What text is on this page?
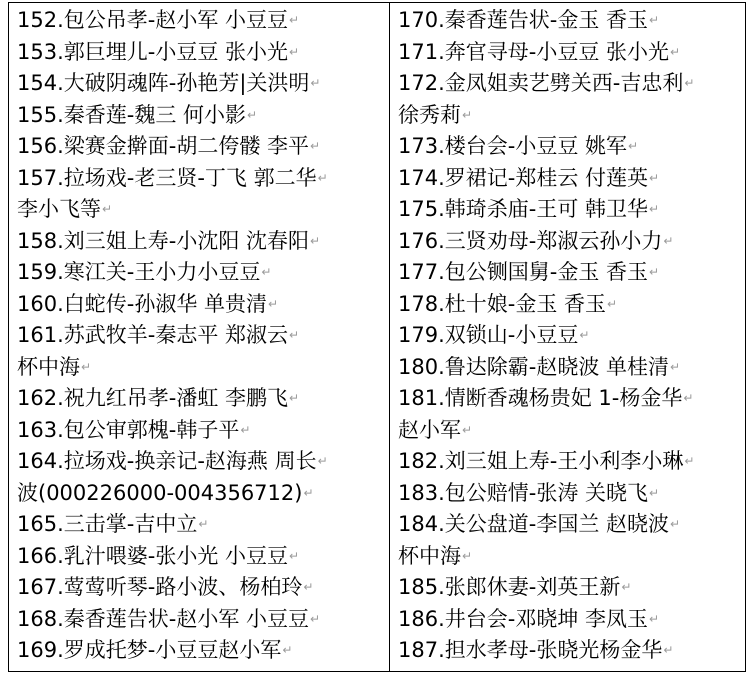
152.包公吊孝-赵小军 小豆豆↵
153.郭巨埋儿-小豆豆 张小光↵
154.大破阴魂阵-孙艳芳|关洪明↵
155.秦香莲-魏三 何小影↵
156.梁赛金擀面-胡二侉髅 李平↵
157.拉场戏-老三贤-丁飞 郭二华↵
李小飞等↵
158.刘三姐上寿-小沈阳 沈春阳↵
159.寒江关-王小力小豆豆↵
160.白蛇传-孙淑华 单贵清↵
161.苏武牧羊-秦志平 郑淑云↵
杯中海↵
162.祝九红吊孝-潘虹 李鹏飞↵
163.包公审郭槐-韩子平↵
164.拉场戏-换亲记-赵海燕 周长↵
波(000226000-004356712)↵
165.三击掌-吉中立↵
166.乳汁喂婆-张小光 小豆豆↵
167.莺莺听琴-路小波、杨柏玲↵
168.秦香莲告状-赵小军 小豆豆↵
169.罗成托梦-小豆豆赵小军↵
170.秦香莲告状-金玉 香玉↵
171.奔官寻母-小豆豆 张小光↵
172.金凤姐卖艺劈关西-吉忠利↵
徐秀莉↵
173.楼台会-小豆豆 姚军↵
174.罗裙记-郑桂云 付莲英↵
175.韩琦杀庙-王可 韩卫华↵
176.三贤劝母-郑淑云孙小力↵
177.包公铡国舅-金玉 香玉↵
178.杜十娘-金玉 香玉↵
179.双锁山-小豆豆↵
180.鲁达除霸-赵晓波 单桂清↵
181.情断香魂杨贵妃 1-杨金华↵
赵小军↵
182.刘三姐上寿-王小利李小琳↵
183.包公赔情-张涛 关晓飞↵
184.关公盘道-李国兰 赵晓波↵
杯中海↵
185.张郎休妻-刘英王新↵
186.井台会-邓晓坤 李凤玉↵
187.担水孝母-张晓光杨金华↵
